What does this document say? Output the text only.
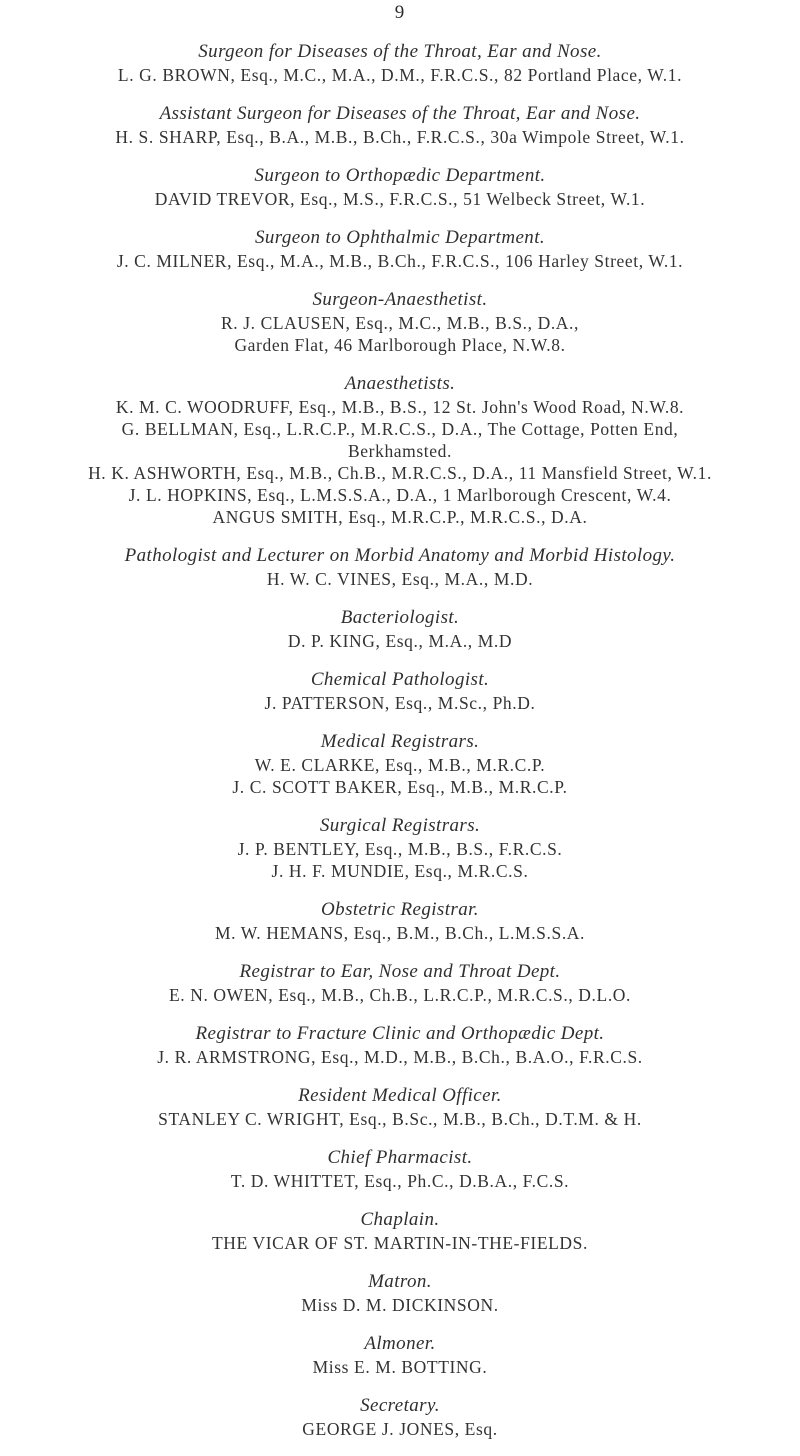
9
Surgeon for Diseases of the Throat, Ear and Nose.
L. G. BROWN, Esq., M.C., M.A., D.M., F.R.C.S., 82 Portland Place, W.1.
Assistant Surgeon for Diseases of the Throat, Ear and Nose.
H. S. SHARP, Esq., B.A., M.B., B.Ch., F.R.C.S., 30a Wimpole Street, W.1.
Surgeon to Orthopædic Department.
DAVID TREVOR, Esq., M.S., F.R.C.S., 51 Welbeck Street, W.1.
Surgeon to Ophthalmic Department.
J. C. MILNER, Esq., M.A., M.B., B.Ch., F.R.C.S., 106 Harley Street, W.1.
Surgeon-Anaesthetist.
R. J. CLAUSEN, Esq., M.C., M.B., B.S., D.A.,
Garden Flat, 46 Marlborough Place, N.W.8.
Anaesthetists.
K. M. C. WOODRUFF, Esq., M.B., B.S., 12 St. John's Wood Road, N.W.8.
G. BELLMAN, Esq., L.R.C.P., M.R.C.S., D.A., The Cottage, Potten End,
Berkhamsted.
H. K. ASHWORTH, Esq., M.B., Ch.B., M.R.C.S., D.A., 11 Mansfield Street, W.1.
J. L. HOPKINS, Esq., L.M.S.S.A., D.A., 1 Marlborough Crescent, W.4.
ANGUS SMITH, Esq., M.R.C.P., M.R.C.S., D.A.
Pathologist and Lecturer on Morbid Anatomy and Morbid Histology.
H. W. C. VINES, Esq., M.A., M.D.
Bacteriologist.
D. P. KING, Esq., M.A., M.D
Chemical Pathologist.
J. PATTERSON, Esq., M.Sc., Ph.D.
Medical Registrars.
W. E. CLARKE, Esq., M.B., M.R.C.P.
J. C. SCOTT BAKER, Esq., M.B., M.R.C.P.
Surgical Registrars.
J. P. BENTLEY, Esq., M.B., B.S., F.R.C.S.
J. H. F. MUNDIE, Esq., M.R.C.S.
Obstetric Registrar.
M. W. HEMANS, Esq., B.M., B.Ch., L.M.S.S.A.
Registrar to Ear, Nose and Throat Dept.
E. N. OWEN, Esq., M.B., Ch.B., L.R.C.P., M.R.C.S., D.L.O.
Registrar to Fracture Clinic and Orthopædic Dept.
J. R. ARMSTRONG, Esq., M.D., M.B., B.Ch., B.A.O., F.R.C.S.
Resident Medical Officer.
STANLEY C. WRIGHT, Esq., B.Sc., M.B., B.Ch., D.T.M. & H.
Chief Pharmacist.
T. D. WHITTET, Esq., Ph.C., D.B.A., F.C.S.
Chaplain.
THE VICAR OF ST. MARTIN-IN-THE-FIELDS.
Matron.
Miss D. M. DICKINSON.
Almoner.
Miss E. M. BOTTING.
Secretary.
GEORGE J. JONES, Esq.
